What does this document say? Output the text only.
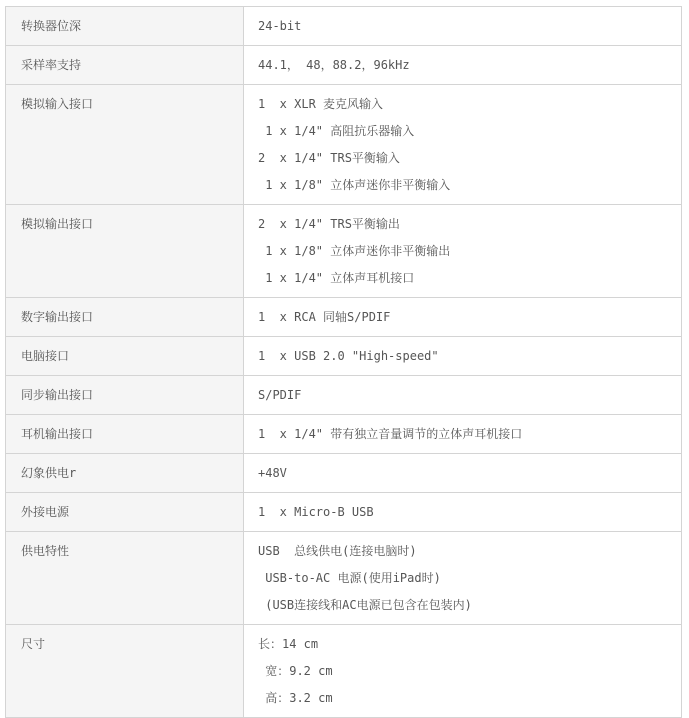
转换器位深	24-bit

采样率支持	44.1， 48，88.2，96kHz

模拟输入接口	1  x XLR 麦克风输入
1 x 1/4" 高阻抗乐器输入
2  x 1/4" TRS平衡输入
1 x 1/8" 立体声迷你非平衡输入

模拟输出接口	2  x 1/4" TRS平衡输出
1 x 1/8" 立体声迷你非平衡输出
1 x 1/4" 立体声耳机接口

数字输出接口	1  x RCA 同轴S/PDIF

电脑接口	1  x USB 2.0 "High-speed"

同步输出接口	S/PDIF

耳机输出接口	1  x 1/4" 带有独立音量调节的立体声耳机接口

幻象供电r	+48V

外接电源	1  x Micro-B USB

供电特性	USB  总线供电(连接电脑时)
USB-to-AC 电源(使用iPad时)
(USB连接线和AC电源已包含在包装内)

尺寸	长：14 cm
宽：9.2 cm
高：3.2 cm
